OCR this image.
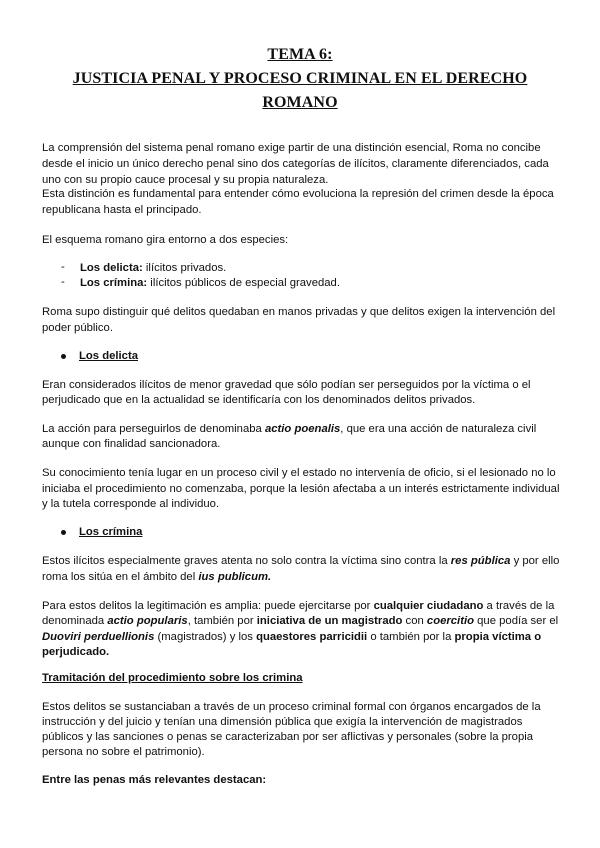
TEMA 6:
JUSTICIA PENAL Y PROCESO CRIMINAL EN EL DERECHO
ROMANO
La comprensión del sistema penal romano exige partir de una distinción esencial, Roma no concibe
desde el inicio un único derecho penal sino dos categorías de ilícitos, claramente diferenciados, cada
uno con su propio cauce procesal y su propia naturaleza.
Esta distinción es fundamental para entender cómo evoluciona la represión del crimen desde la época
republicana hasta el principado.
El esquema romano gira entorno a dos especies:
- Los delicta: ilícitos privados.
- Los crímina: ilícitos públicos de especial gravedad.
Roma supo distinguir qué delitos quedaban en manos privadas y que delitos exigen la intervención del
poder público.
Los delicta
Eran considerados ilícitos de menor gravedad que sólo podían ser perseguidos por la víctima o el
perjudicado que en la actualidad se identificaría con los denominados delitos privados.
La acción para perseguirlos de denominaba actio poenalis, que era una acción de naturaleza civil
aunque con finalidad sancionadora.
Su conocimiento tenía lugar en un proceso civil y el estado no intervenía de oficio, si el lesionado no lo
iniciaba el procedimiento no comenzaba, porque la lesión afectaba a un interés estrictamente individual
y la tutela corresponde al individuo.
Los crímina
Estos ilícitos especialmente graves atenta no solo contra la víctima sino contra la res pública y por ello
roma los sitúa en el ámbito del ius publicum.
Para estos delitos la legitimación es amplia: puede ejercitarse por cualquier ciudadano a través de la
denominada actio popularis, también por iniciativa de un magistrado con coercitio que podía ser el
Duoviri perduellionis (magistrados) y los quaestores parricidii o también por la propia víctima o
perjudicado.
Tramitación del procedimiento sobre los crimina
Estos delitos se sustanciaban a través de un proceso criminal formal con órganos encargados de la
instrucción y del juicio y tenían una dimensión pública que exigía la intervención de magistrados
públicos y las sanciones o penas se caracterizaban por ser aflictivas y personales (sobre la propia
persona no sobre el patrimonio).
Entre las penas más relevantes destacan:
